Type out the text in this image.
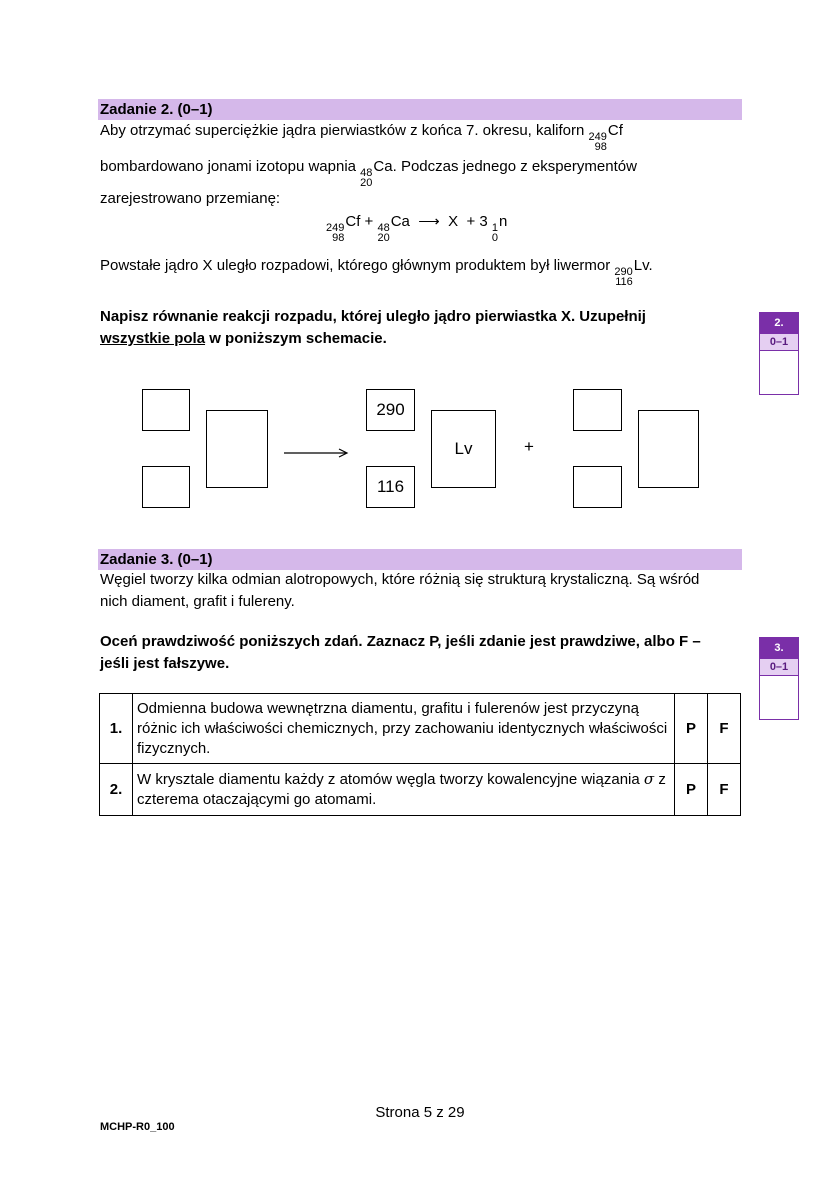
Zadanie 2. (0–1)
Aby otrzymać superciężkie jądra pierwiastków z końca 7. okresu, kaliforn 249
98
Cf
bombardowano jonami izotopu wapnia 48
20
Ca. Podczas jednego z eksperymentów
zarejestrowano przemianę:
249
98
Cf + 48
20
Ca ⟶ X + 3 1
0
n
Powstałe jądro X uległo rozpadowi, którego głównym produktem był liwermor 290
116
Lv.
Napisz równanie reakcji rozpadu, której uległo jądro pierwiastka X. Uzupełnij
wszystkie pola w poniższym schemacie.
2.
0–1
290
116
Lv	+
Zadanie 3. (0–1)
Węgiel tworzy kilka odmian alotropowych, które różnią się strukturą krystaliczną. Są wśród
nich diament, grafit i fulereny.
Oceń prawdziwość poniższych zdań. Zaznacz P, jeśli zdanie jest prawdziwe, albo F –
jeśli jest fałszywe.
3.
0–1
1.	Odmienna budowa wewnętrzna diamentu, grafitu i fulerenów jest przyczyną różnic ich właściwości chemicznych, przy zachowaniu identycznych właściwości fizycznych.	P	F
2.	W krysztale diamentu każdy z atomów węgla tworzy kowalencyjne wiązania σ z czterema otaczającymi go atomami.	P	F
Strona 5 z 29
MCHP-R0_100
